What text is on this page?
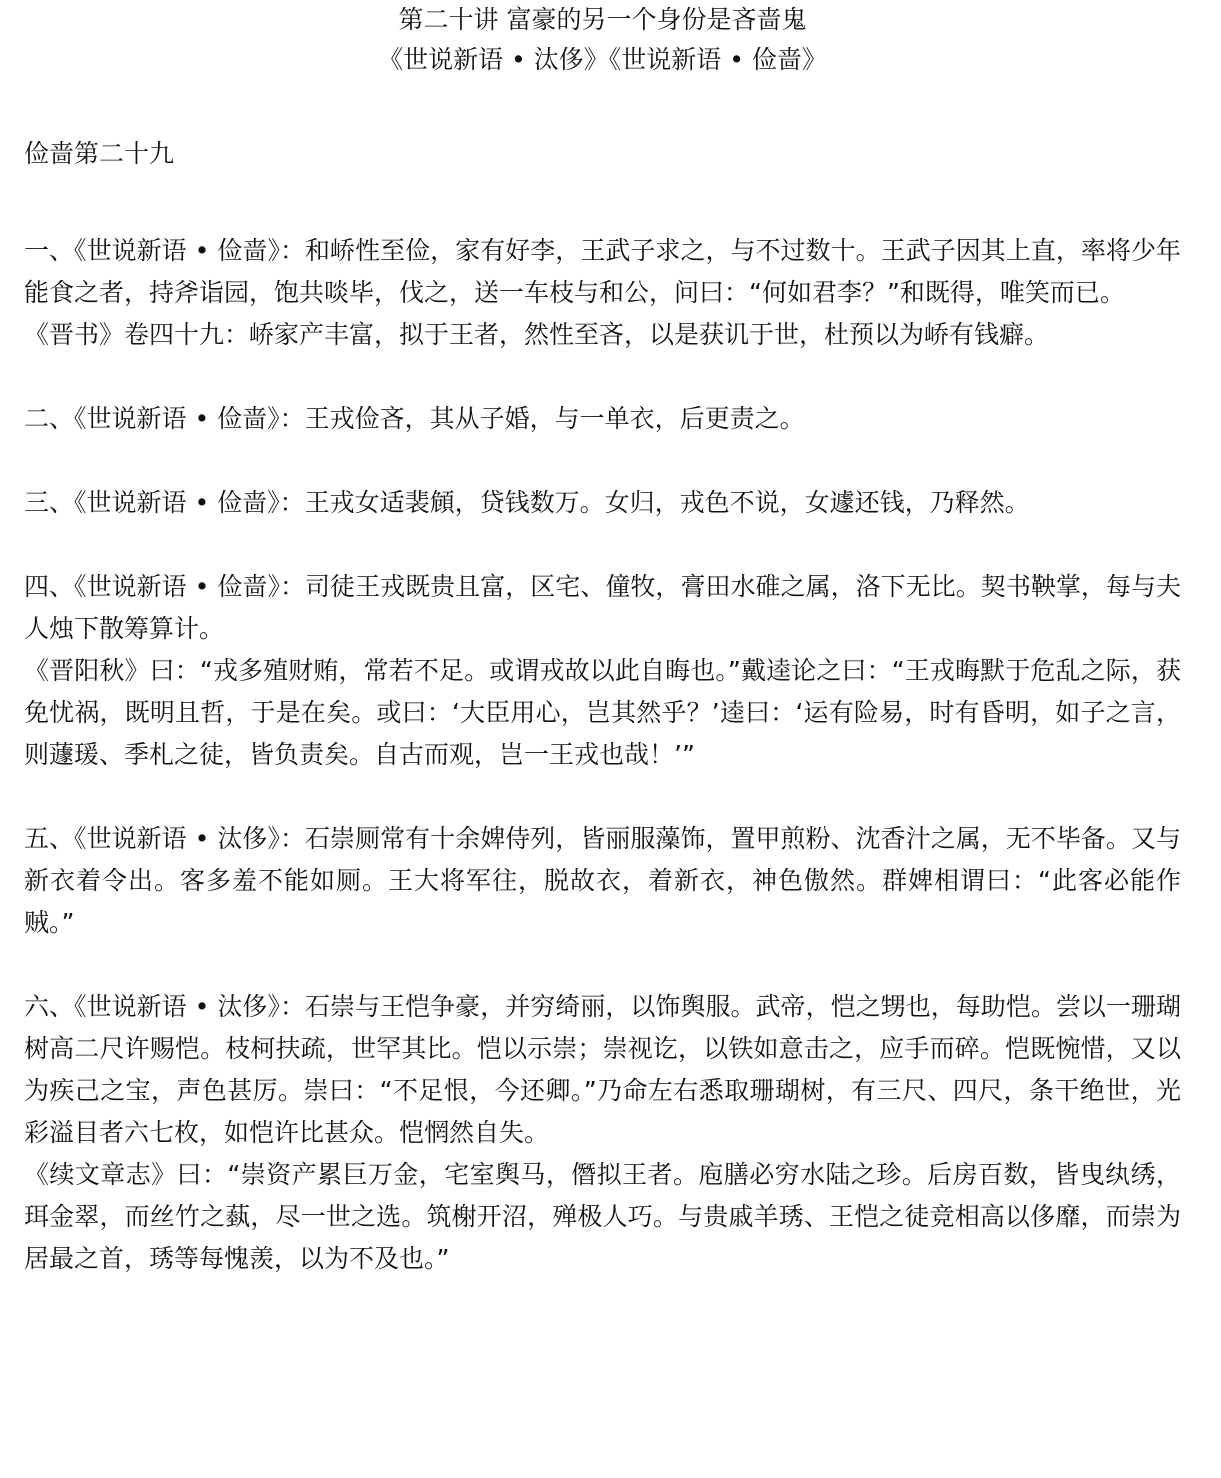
第二十讲 富豪的另一个身份是吝啬鬼
《世说新语 • 汰侈》《世说新语 • 俭啬》
俭啬第二十九

一、《世说新语 • 俭啬》：和峤性至俭，家有好李，王武子求之，与不过数十。王武子因其上直，率将少年能食之者，持斧诣园，饱共啖毕，伐之，送一车枝与和公，问曰：“何如君李？”和既得，唯笑而已。

《晋书》卷四十九：峤家产丰富，拟于王者，然性至吝，以是获讥于世，杜预以为峤有钱癖。

二、《世说新语 • 俭啬》：王戎俭吝，其从子婚，与一单衣，后更责之。

三、《世说新语 • 俭啬》：王戎女适裴頠，贷钱数万。女归，戎色不说，女遽还钱，乃释然。

四、《世说新语 • 俭啬》：司徒王戎既贵且富，区宅、僮牧，膏田水碓之属，洛下无比。契书鞅掌，每与夫人烛下散筹算计。

《晋阳秋》曰：“戎多殖财贿，常若不足。或谓戎故以此自晦也。”戴逵论之曰：“王戎晦默于危乱之际，获免忧祸，既明且哲，于是在矣。或曰：‘大臣用心，岂其然乎？’逵曰：‘运有险易，时有昏明，如子之言，则蘧瑗、季札之徒，皆负责矣。自古而观，岂一王戎也哉！’”

五、《世说新语 • 汰侈》：石崇厕常有十余婢侍列，皆丽服藻饰，置甲煎粉、沈香汁之属，无不毕备。又与新衣着令出。客多羞不能如厕。王大将军往，脱故衣，着新衣，神色傲然。群婢相谓曰：“此客必能作贼。”

六、《世说新语 • 汰侈》：石崇与王恺争豪，并穷绮丽，以饰舆服。武帝，恺之甥也，每助恺。尝以一珊瑚树高二尺许赐恺。枝柯扶疏，世罕其比。恺以示崇；崇视讫，以铁如意击之，应手而碎。恺既惋惜，又以为疾己之宝，声色甚厉。崇曰：“不足恨，今还卿。”乃命左右悉取珊瑚树，有三尺、四尺，条干绝世，光彩溢目者六七枚，如恺许比甚众。恺惘然自失。

《续文章志》曰：“崇资产累巨万金，宅室舆马，僭拟王者。庖膳必穷水陆之珍。后房百数，皆曳纨绣，珥金翠，而丝竹之蓺，尽一世之选。筑榭开沼，殚极人巧。与贵戚羊琇、王恺之徒竞相高以侈靡，而崇为居最之首，琇等每愧羡，以为不及也。”
